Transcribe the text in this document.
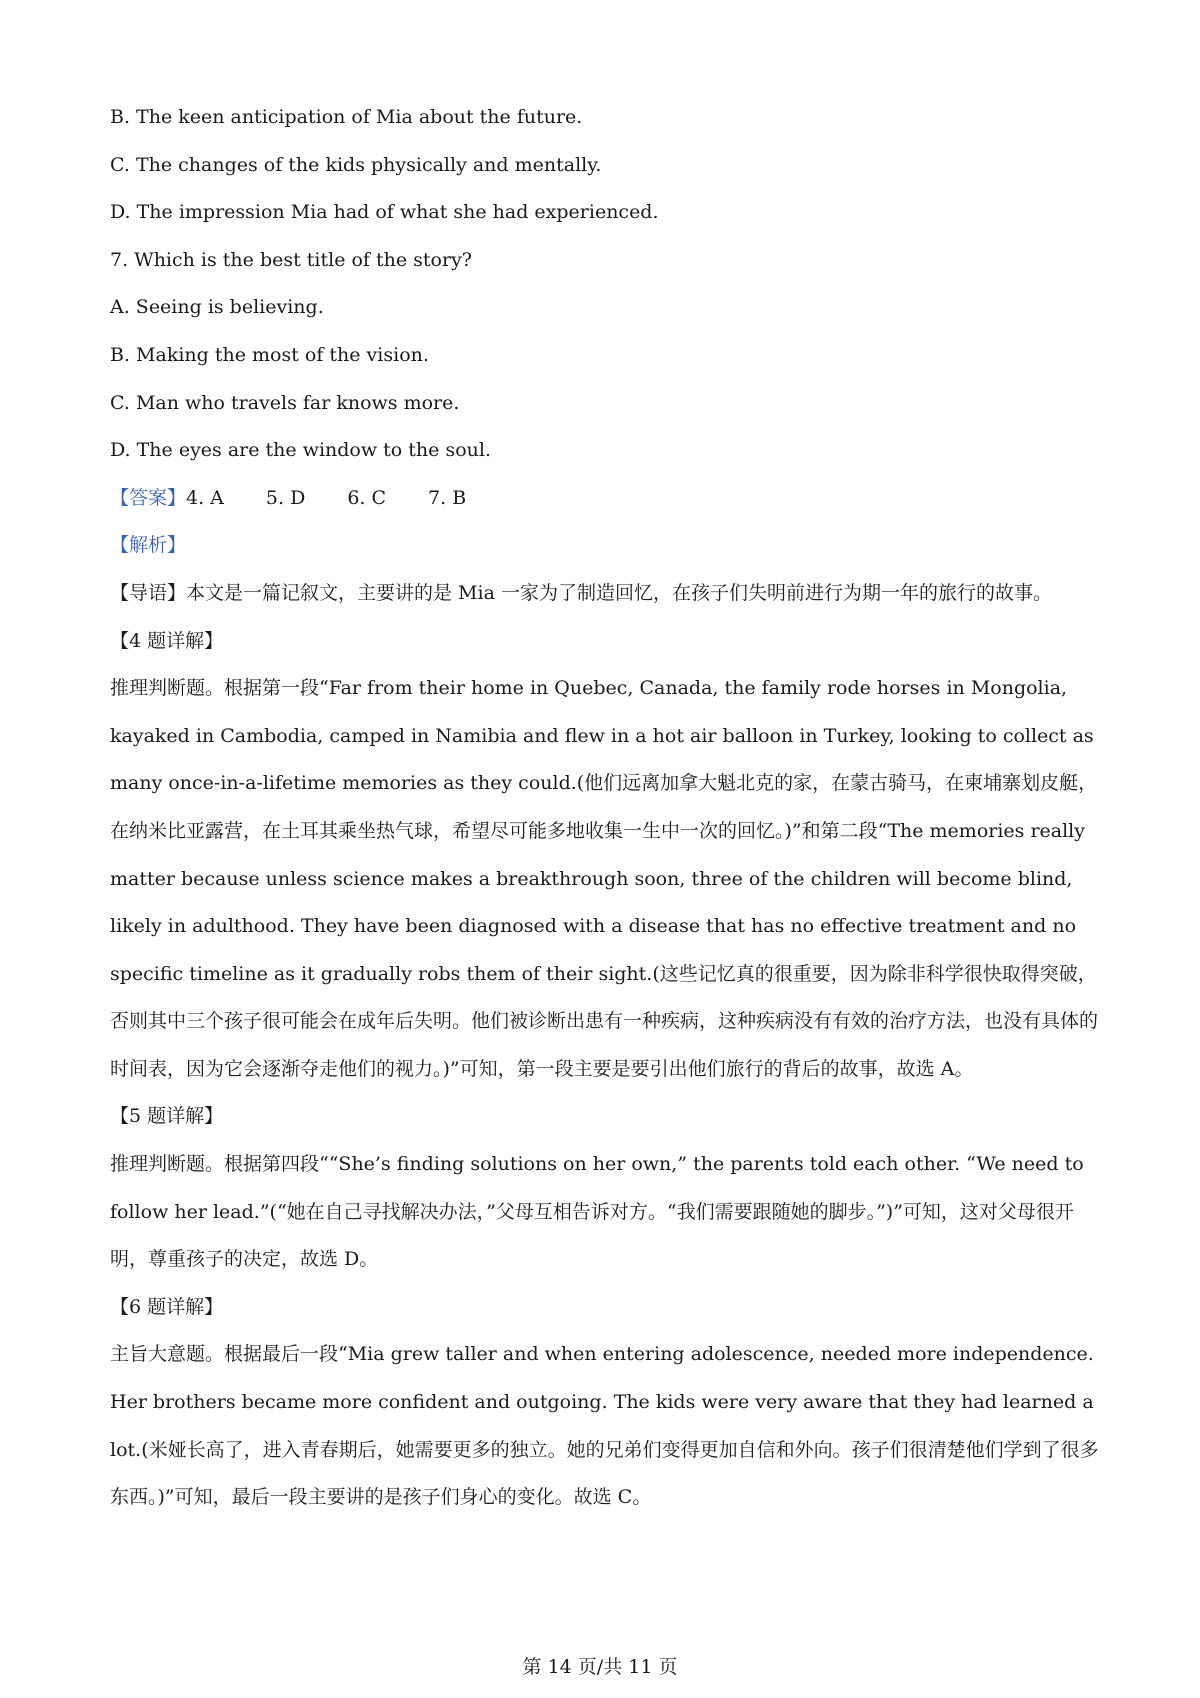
B. The keen anticipation of Mia about the future.
C. The changes of the kids physically and mentally.
D. The impression Mia had of what she had experienced.
7. Which is the best title of the story?
A. Seeing is believing.
B. Making the most of the vision.
C. Man who travels far knows more.
D. The eyes are the window to the soul.
【答案】4. A 5. D 6. C 7. B
【解析】
【导语】本文是一篇记叙文，主要讲的是 Mia 一家为了制造回忆，在孩子们失明前进行为期一年的旅行的故事。
【4 题详解】
推理判断题。根据第一段“Far from their home in Quebec, Canada, the family rode horses in Mongolia, kayaked in Cambodia, camped in Namibia and flew in a hot air balloon in Turkey, looking to collect as many once-in-a-lifetime memories as they could.(他们远离加拿大魁北克的家，在蒙古骑马，在柬埔寨划皮艇，在纳米比亚露营，在土耳其乘坐热气球，希望尽可能多地收集一生中一次的回忆。)”和第二段“The memories really matter because unless science makes a breakthrough soon, three of the children will become blind, likely in adulthood. They have been diagnosed with a disease that has no effective treatment and no specific timeline as it gradually robs them of their sight.(这些记忆真的很重要，因为除非科学很快取得突破，否则其中三个孩子很可能会在成年后失明。他们被诊断出患有一种疾病，这种疾病没有有效的治疗方法，也没有具体的时间表，因为它会逐渐夺走他们的视力。)”可知，第一段主要是要引出他们旅行的背后的故事，故选 A。
【5 题详解】
推理判断题。根据第四段““She’s finding solutions on her own,” the parents told each other. “We need to follow her lead.”(“她在自己寻找解决办法，”父母互相告诉对方。“我们需要跟随她的脚步。”)”可知，这对父母很开明，尊重孩子的决定，故选 D。
【6 题详解】
主旨大意题。根据最后一段“Mia grew taller and when entering adolescence, needed more independence. Her brothers became more confident and outgoing. The kids were very aware that they had learned a lot.(米娅长高了，进入青春期后，她需要更多的独立。她的兄弟们变得更加自信和外向。孩子们很清楚他们学到了很多东西。)”可知，最后一段主要讲的是孩子们身心的变化。故选 C。
第 14 页/共 11 页
